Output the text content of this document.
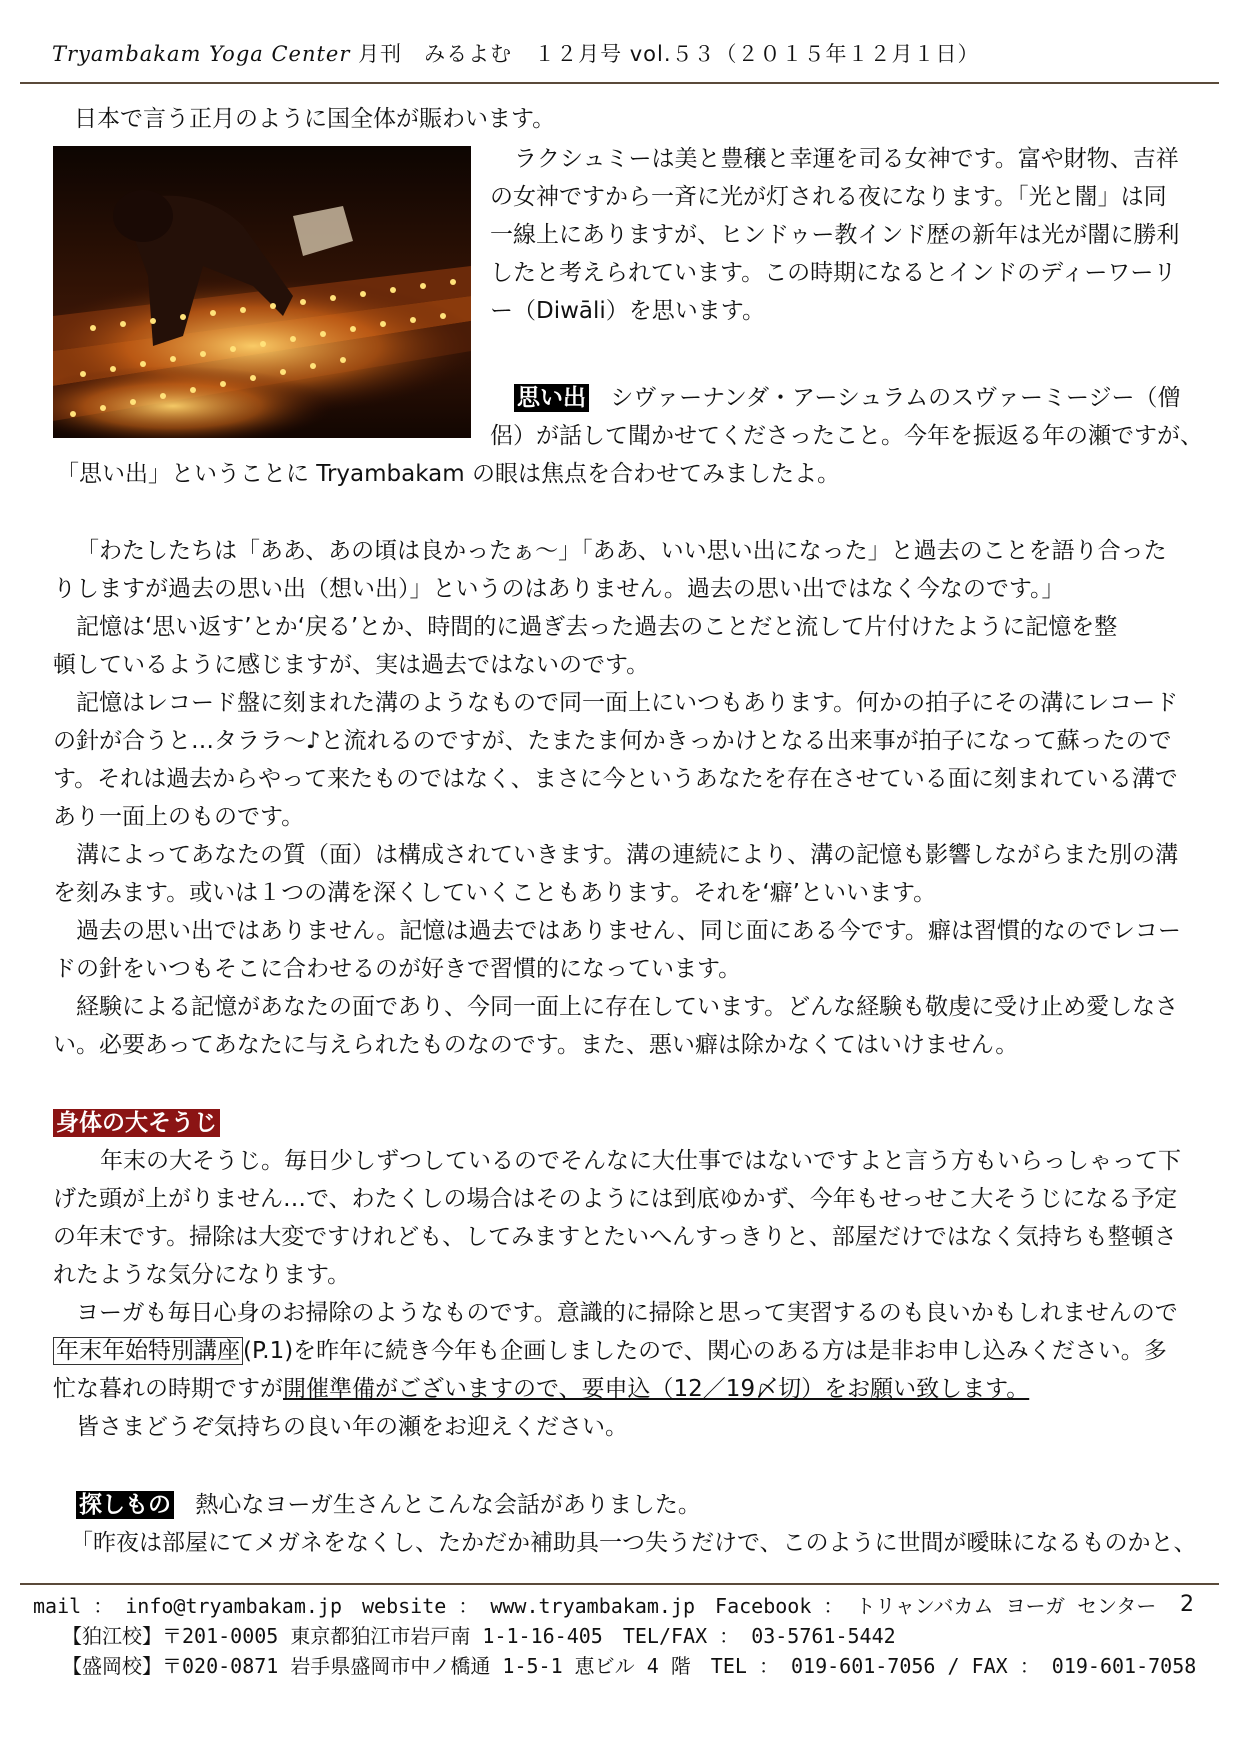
Tryambakam Yoga Center 月刊　みるよむ　１２月号 vol.５３（２０１５年１２月１日）
日本で言う正月のように国全体が賑わいます。
ラクシュミーは美と豊穣と幸運を司る女神です。富や財物、吉祥
の女神ですから一斉に光が灯される夜になります。「光と闇」は同
一線上にありますが、ヒンドゥー教インド歴の新年は光が闇に勝利
したと考えられています。この時期になるとインドのディーワーリ
ー（Diwāli）を思います。
思い出 シヴァーナンダ・アーシュラムのスヴァーミージー（僧
侶）が話して聞かせてくださったこと。今年を振返る年の瀬ですが、
「思い出」ということに Tryambakam の眼は焦点を合わせてみましたよ。
「わたしたちは「ああ、あの頃は良かったぁ～」「ああ、いい思い出になった」と過去のことを語り合った
りしますが過去の思い出（想い出）」というのはありません。過去の思い出ではなく今なのです。」
記憶は‘思い返す’とか‘戻る’とか、時間的に過ぎ去った過去のことだと流して片付けたように記憶を整
頓しているように感じますが、実は過去ではないのです。
記憶はレコード盤に刻まれた溝のようなもので同一面上にいつもあります。何かの拍子にその溝にレコード
の針が合うと…タララ～♪と流れるのですが、たまたま何かきっかけとなる出来事が拍子になって蘇ったので
す。それは過去からやって来たものではなく、まさに今というあなたを存在させている面に刻まれている溝で
あり一面上のものです。
溝によってあなたの質（面）は構成されていきます。溝の連続により、溝の記憶も影響しながらまた別の溝
を刻みます。或いは１つの溝を深くしていくこともあります。それを‘癖’といいます。
過去の思い出ではありません。記憶は過去ではありません、同じ面にある今です。癖は習慣的なのでレコー
ドの針をいつもそこに合わせるのが好きで習慣的になっています。
経験による記憶があなたの面であり、今同一面上に存在しています。どんな経験も敬虔に受け止め愛しなさ
い。必要あってあなたに与えられたものなのです。また、悪い癖は除かなくてはいけません。
身体の大そうじ
年末の大そうじ。毎日少しずつしているのでそんなに大仕事ではないですよと言う方もいらっしゃって下
げた頭が上がりません…で、わたくしの場合はそのようには到底ゆかず、今年もせっせこ大そうじになる予定
の年末です。掃除は大変ですけれども、してみますとたいへんすっきりと、部屋だけではなく気持ちも整頓さ
れたような気分になります。
ヨーガも毎日心身のお掃除のようなものです。意識的に掃除と思って実習するのも良いかもしれませんので
年末年始特別講座 (P.1)を昨年に続き今年も企画しましたので、関心のある方は是非お申し込みください。多
忙な暮れの時期ですが開催準備がございますので、要申込（12／19〆切）をお願い致します。
皆さまどうぞ気持ちの良い年の瀬をお迎えください。
探しもの 熱心なヨーガ生さんとこんな会話がありました。
「昨夜は部屋にてメガネをなくし、たかだか補助具一つ失うだけで、このように世間が曖昧になるものかと、
mail ： info@tryambakam.jp　website ： www.tryambakam.jp　Facebook ： トリャンバカム ヨーガ センター 2
【狛江校】〒201-0005 東京都狛江市岩戸南 1-1-16-405　TEL/FAX ： 03-5761-5442
【盛岡校】〒020-0871 岩手県盛岡市中ノ橋通 1-5-1 恵ビル 4 階　TEL ： 019-601-7056 / FAX ： 019-601-7058
